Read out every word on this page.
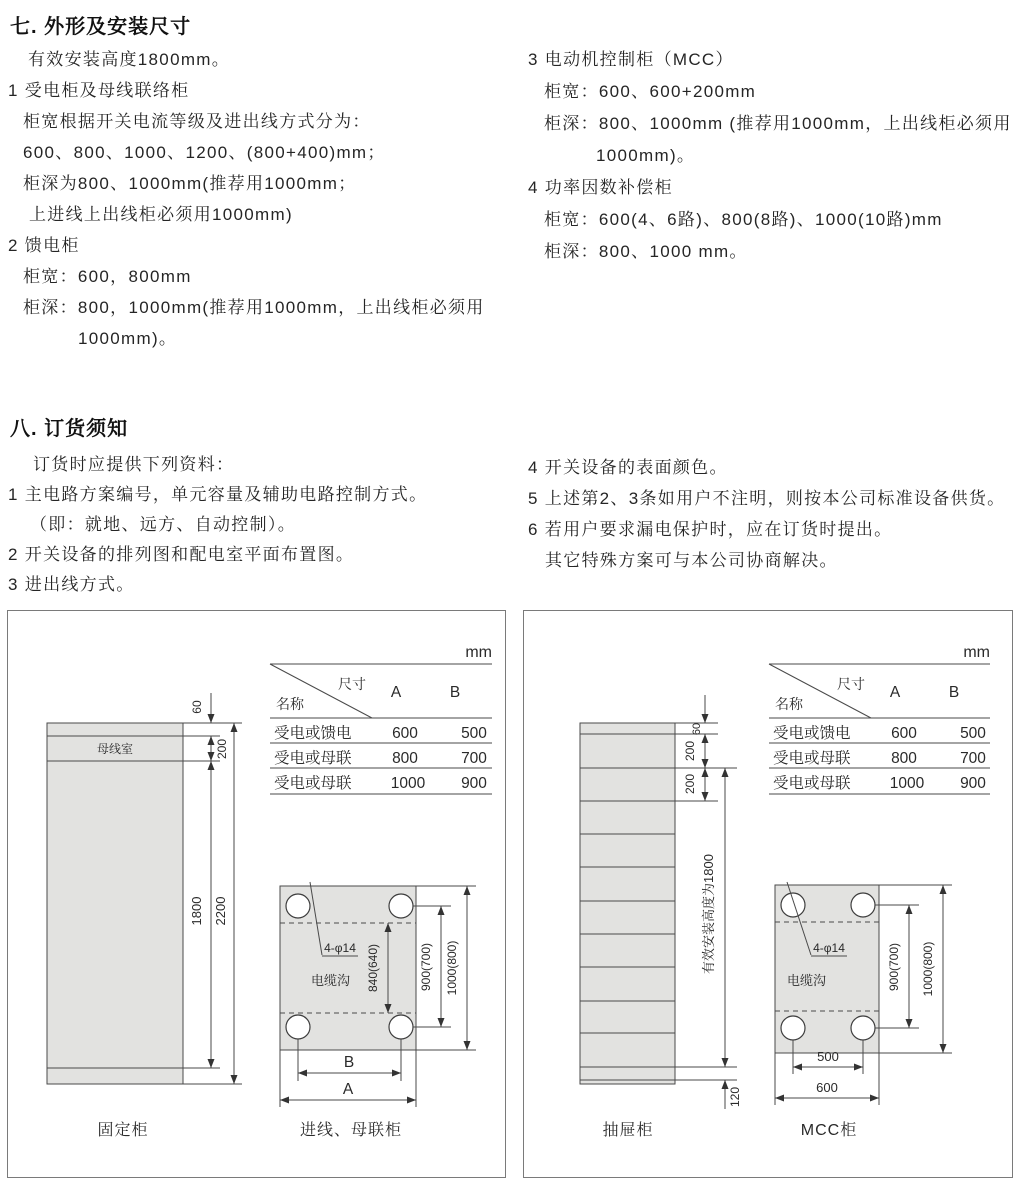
七. 外形及安装尺寸
有效安装高度1800mm。
1 受电柜及母线联络柜
柜宽根据开关电流等级及进出线方式分为：
600、800、1000、1200、(800+400)mm；
柜深为800、1000mm(推荐用1000mm；
上进线上出线柜必须用1000mm)
2 馈电柜
柜宽：600，800mm
柜深：800，1000mm(推荐用1000mm，上出线柜必须用
1000mm)。
3 电动机控制柜（MCC）
柜宽：600、600+200mm
柜深：800、1000mm (推荐用1000mm，上出线柜必须用
1000mm)。
4 功率因数补偿柜
柜宽：600(4、6路)、800(8路)、1000(10路)mm
柜深：800、1000 mm。
八. 订货须知
订货时应提供下列资料：
1 主电路方案编号，单元容量及辅助电路控制方式。
（即：就地、远方、自动控制）。
2 开关设备的排列图和配电室平面布置图。
3 进出线方式。
4 开关设备的表面颜色。
5 上述第2、3条如用户不注明，则按本公司标准设备供货。
6 若用户要求漏电保护时，应在订货时提出。
其它特殊方案可与本公司协商解决。
mm
尺寸
名称
A	B
受电或馈电	600	500
受电或母联	800	700
受电或母联	1000 900
母线室
60
200
1800 2200
固定柜
4-φ14
电缆沟 840(640)	900(700) 1000(800)
B
A
进线、母联柜
mm
尺寸
名称
A	B
受电或馈电	600	500
受电或母联	800	700
受电或母联	1000 900
60
200
200
有效安装高度为1800
120
抽屉柜
4-φ14
电缆沟	900(700) 1000(800)
500
600
MCC柜
